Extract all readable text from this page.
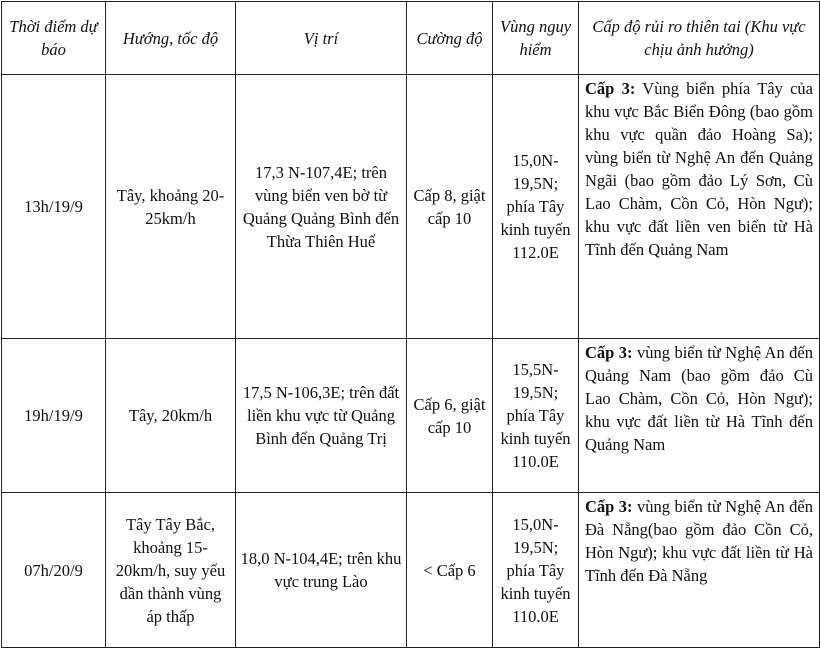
Thời điểm dự báo	Hướng, tốc độ	Vị trí	Cường độ	Vùng nguy hiểm	Cấp độ rủi ro thiên tai (Khu vực chịu ảnh hưởng)
13h/19/9	Tây, khoảng 20-25km/h	17,3 N-107,4E; trên vùng biển ven bờ từ Quảng Quảng Bình đến Thừa Thiên Huế	Cấp 8, giật cấp 10	15,0N-19,5N; phía Tây kinh tuyến 112.0E	Cấp 3: Vùng biển phía Tây của khu vực Bắc Biển Đông (bao gồm khu vực quần đảo Hoàng Sa); vùng biển từ Nghệ An đến Quảng Ngãi (bao gồm đảo Lý Sơn, Cù Lao Chàm, Cồn Cỏ, Hòn Ngư); khu vực đất liền ven biển từ Hà Tĩnh đến Quảng Nam
19h/19/9	Tây, 20km/h	17,5 N-106,3E; trên đất liền khu vực từ Quảng Bình đến Quảng Trị	Cấp 6, giật cấp 10	15,5N-19,5N; phía Tây kinh tuyến 110.0E	Cấp 3: vùng biển từ Nghệ An đến Quảng Nam (bao gồm đảo Cù Lao Chàm, Cồn Cỏ, Hòn Ngư); khu vực đất liền từ Hà Tĩnh đến Quảng Nam
07h/20/9	Tây Tây Bắc, khoảng 15-20km/h, suy yếu dần thành vùng áp thấp	18,0 N-104,4E; trên khu vực trung Lào	< Cấp 6	15,0N-19,5N; phía Tây kinh tuyến 110.0E	Cấp 3: vùng biển từ Nghệ An đến Đà Nẵng(bao gồm đảo Cồn Cỏ, Hòn Ngư); khu vực đất liền từ Hà Tĩnh đến Đà Nẵng
